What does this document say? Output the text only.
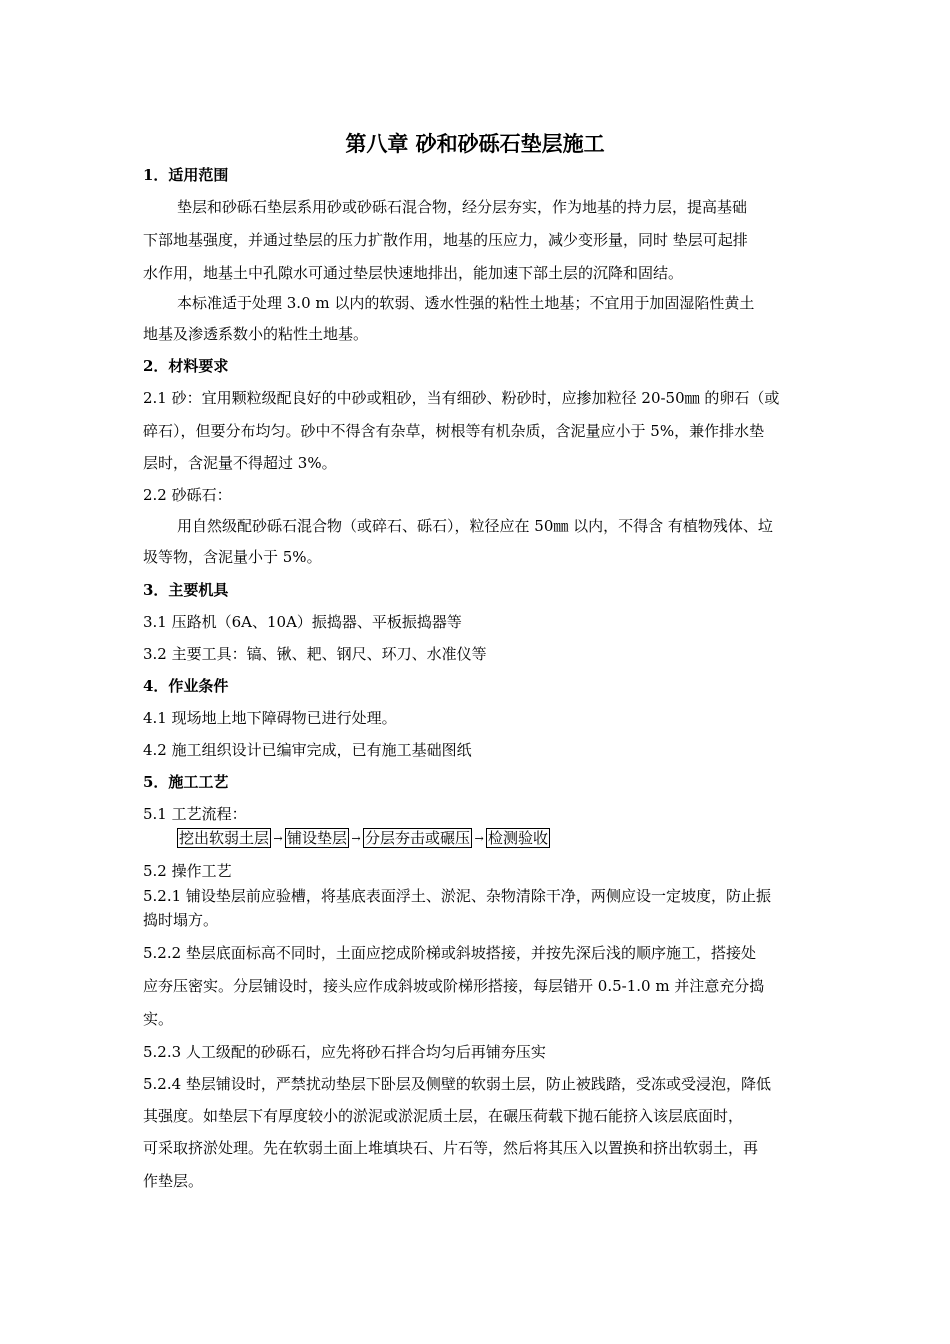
第八章 砂和砂砾石垫层施工
1．适用范围
垫层和砂砾石垫层系用砂或砂砾石混合物，经分层夯实，作为地基的持力层，提高基础
下部地基强度，并通过垫层的压力扩散作用，地基的压应力，减少变形量，同时 垫层可起排
水作用，地基土中孔隙水可通过垫层快速地排出，能加速下部土层的沉降和固结。
本标准适于处理 3.0 m 以内的软弱、透水性强的粘性土地基；不宜用于加固湿陷性黄土
地基及渗透系数小的粘性土地基。
2．材料要求
2.1 砂：宜用颗粒级配良好的中砂或粗砂，当有细砂、粉砂时，应掺加粒径 20-50㎜ 的卵石（或
碎石），但要分布均匀。砂中不得含有杂草，树根等有机杂质，含泥量应小于 5%，兼作排水垫
层时，含泥量不得超过 3%。
2.2 砂砾石：
用自然级配砂砾石混合物（或碎石、砾石），粒径应在 50㎜ 以内，不得含 有植物残体、垃
圾等物，含泥量小于 5%。
3．主要机具
3.1 压路机（6A、10A）振捣器、平板振捣器等
3.2 主要工具：镐、锹、耙、钢尺、环刀、水准仪等
4．作业条件
4.1 现场地上地下障碍物已进行处理。
4.2 施工组织设计已编审完成，已有施工基础图纸
5．施工工艺
5.1 工艺流程：
挖出软弱土层 → 铺设垫层 → 分层夯击或碾压 → 检测验收
5.2 操作工艺
5.2.1 铺设垫层前应验槽，将基底表面浮土、淤泥、杂物清除干净，两侧应设一定坡度，防止振
捣时塌方。
5.2.2 垫层底面标高不同时，土面应挖成阶梯或斜坡搭接，并按先深后浅的顺序施工，搭接处
应夯压密实。分层铺设时，接头应作成斜坡或阶梯形搭接，每层错开 0.5-1.0 m 并注意充分捣
实。
5.2.3 人工级配的砂砾石，应先将砂石拌合均匀后再铺夯压实
5.2.4 垫层铺设时，严禁扰动垫层下卧层及侧壁的软弱土层，防止被践踏，受冻或受浸泡，降低
其强度。如垫层下有厚度较小的淤泥或淤泥质土层，在碾压荷载下抛石能挤入该层底面时，
可采取挤淤处理。先在软弱土面上堆填块石、片石等，然后将其压入以置换和挤出软弱土，再
作垫层。
